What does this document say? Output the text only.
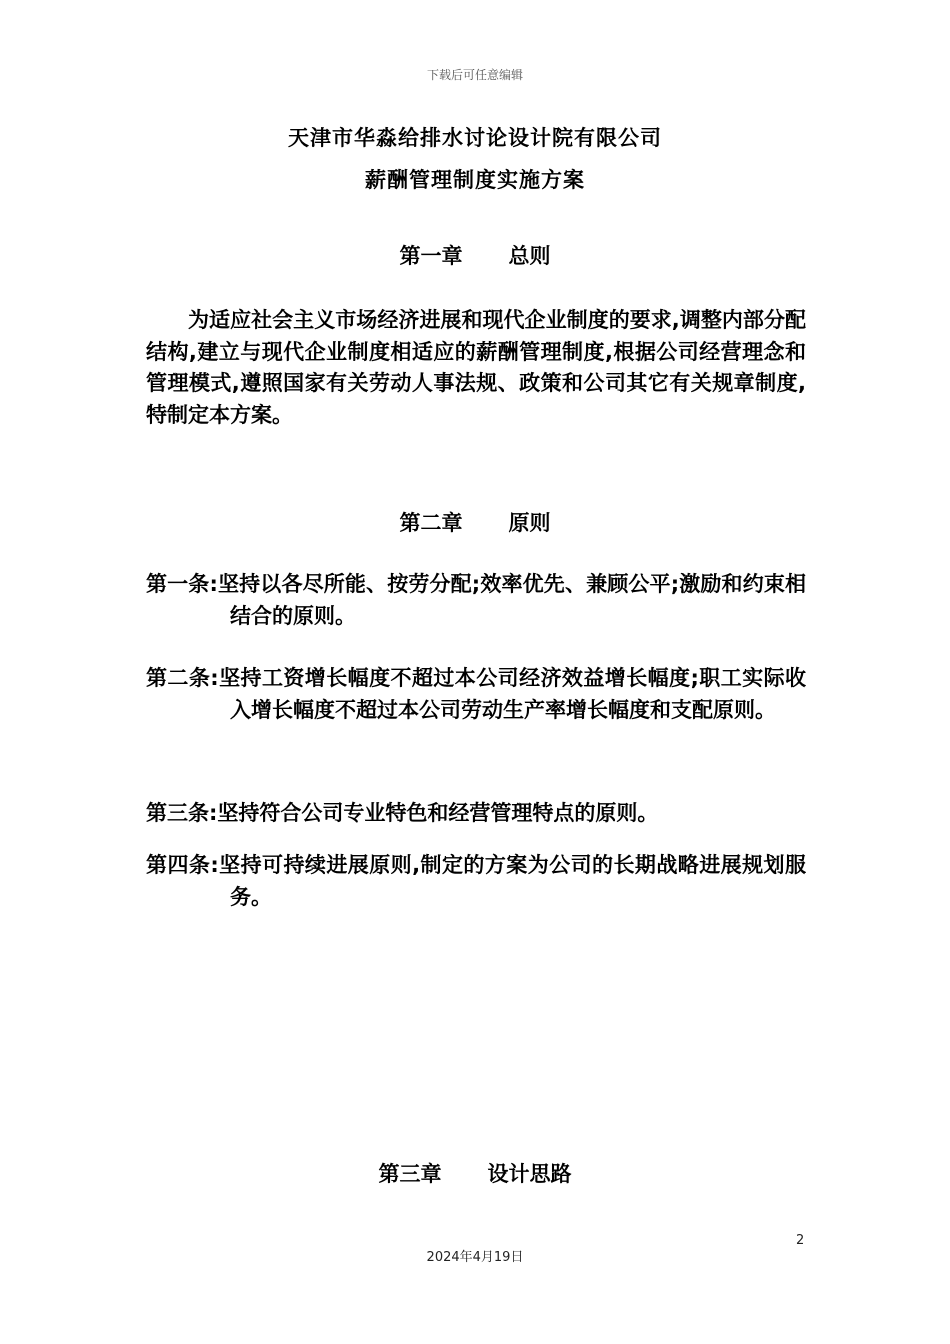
下载后可任意编辑
天津市华淼给排水讨论设计院有限公司
薪酬管理制度实施方案
第一章 总则
为适应社会主义市场经济进展和现代企业制度的要求,调整内部分配结构,建立与现代企业制度相适应的薪酬管理制度,根据公司经营理念和管理模式,遵照国家有关劳动人事法规、政策和公司其它有关规章制度,特制定本方案。
第二章 原则
第一条:坚持以各尽所能、按劳分配;效率优先、兼顾公平;激励和约束相结合的原则。
第二条:坚持工资增长幅度不超过本公司经济效益增长幅度;职工实际收入增长幅度不超过本公司劳动生产率增长幅度和支配原则。
第三条:坚持符合公司专业特色和经营管理特点的原则。
第四条:坚持可持续进展原则,制定的方案为公司的长期战略进展规划服务。
第三章 设计思路
2
2024年4月19日
